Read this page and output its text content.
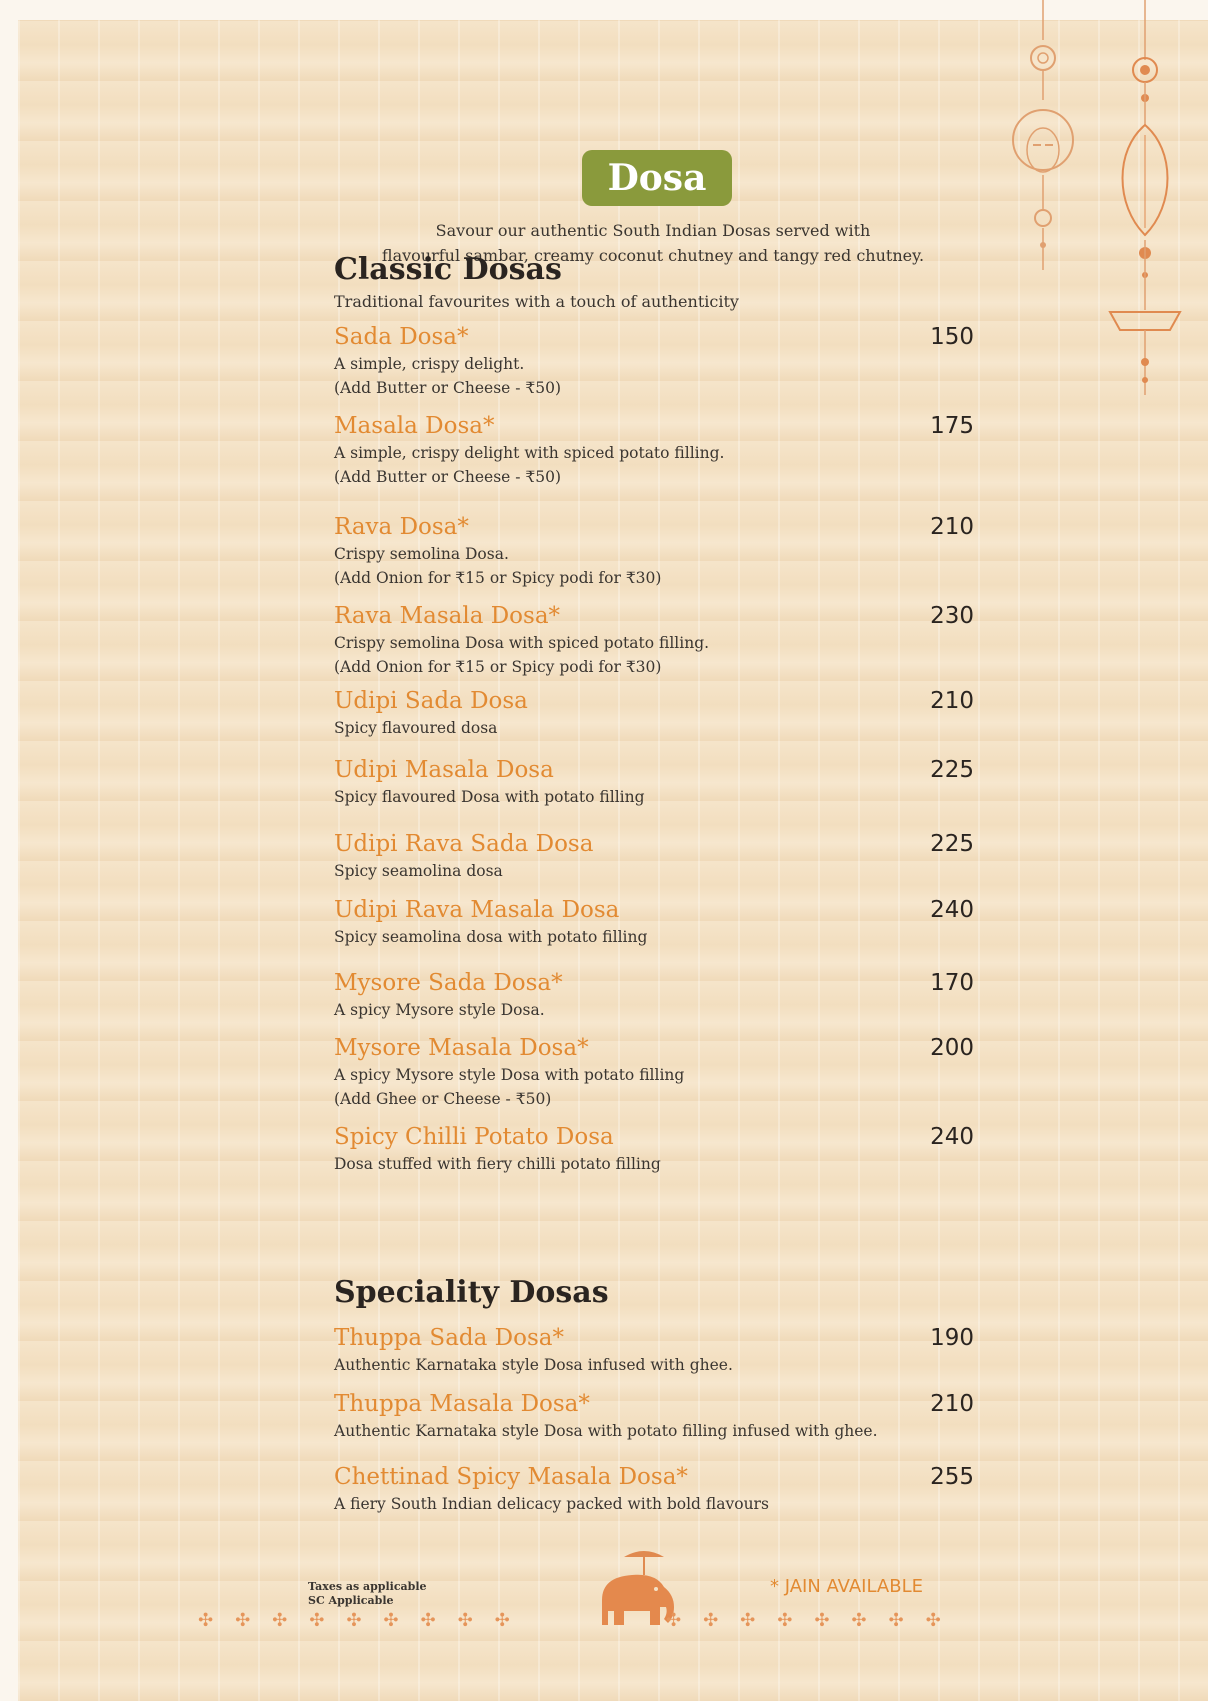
Dosa
Savour our authentic South Indian Dosas served with
flavourful sambar, creamy coconut chutney and tangy red chutney.
Classic Dosas
Traditional favourites with a touch of authenticity
Sada Dosa*	150
A simple, crispy delight.
(Add Butter or Cheese - ₹50)
Masala Dosa*	175
A simple, crispy delight with spiced potato filling.
(Add Butter or Cheese - ₹50)
Rava Dosa*	210
Crispy semolina Dosa.
(Add Onion for ₹15 or Spicy podi for ₹30)
Rava Masala Dosa*	230
Crispy semolina Dosa with spiced potato filling.
(Add Onion for ₹15 or Spicy podi for ₹30)
Udipi Sada Dosa	210
Spicy flavoured dosa
Udipi Masala Dosa	225
Spicy flavoured Dosa with potato filling
Udipi Rava Sada Dosa	225
Spicy seamolina dosa
Udipi Rava Masala Dosa	240
Spicy seamolina dosa with potato filling
Mysore Sada Dosa*	170
A spicy Mysore style Dosa.
Mysore Masala Dosa*	200
A spicy Mysore style Dosa with potato filling
(Add Ghee or Cheese - ₹50)
Spicy Chilli Potato Dosa	240
Dosa stuffed with fiery chilli potato filling
Speciality Dosas
Thuppa Sada Dosa*	190
Authentic Karnataka style Dosa infused with ghee.
Thuppa Masala Dosa*	210
Authentic Karnataka style Dosa with potato filling infused with ghee.
Chettinad Spicy Masala Dosa*	255
A fiery South Indian delicacy packed with bold flavours
Taxes as applicable
SC Applicable
* JAIN AVAILABLE
✣✣✣✣✣✣✣✣✣	✣✣✣✣✣✣✣✣
